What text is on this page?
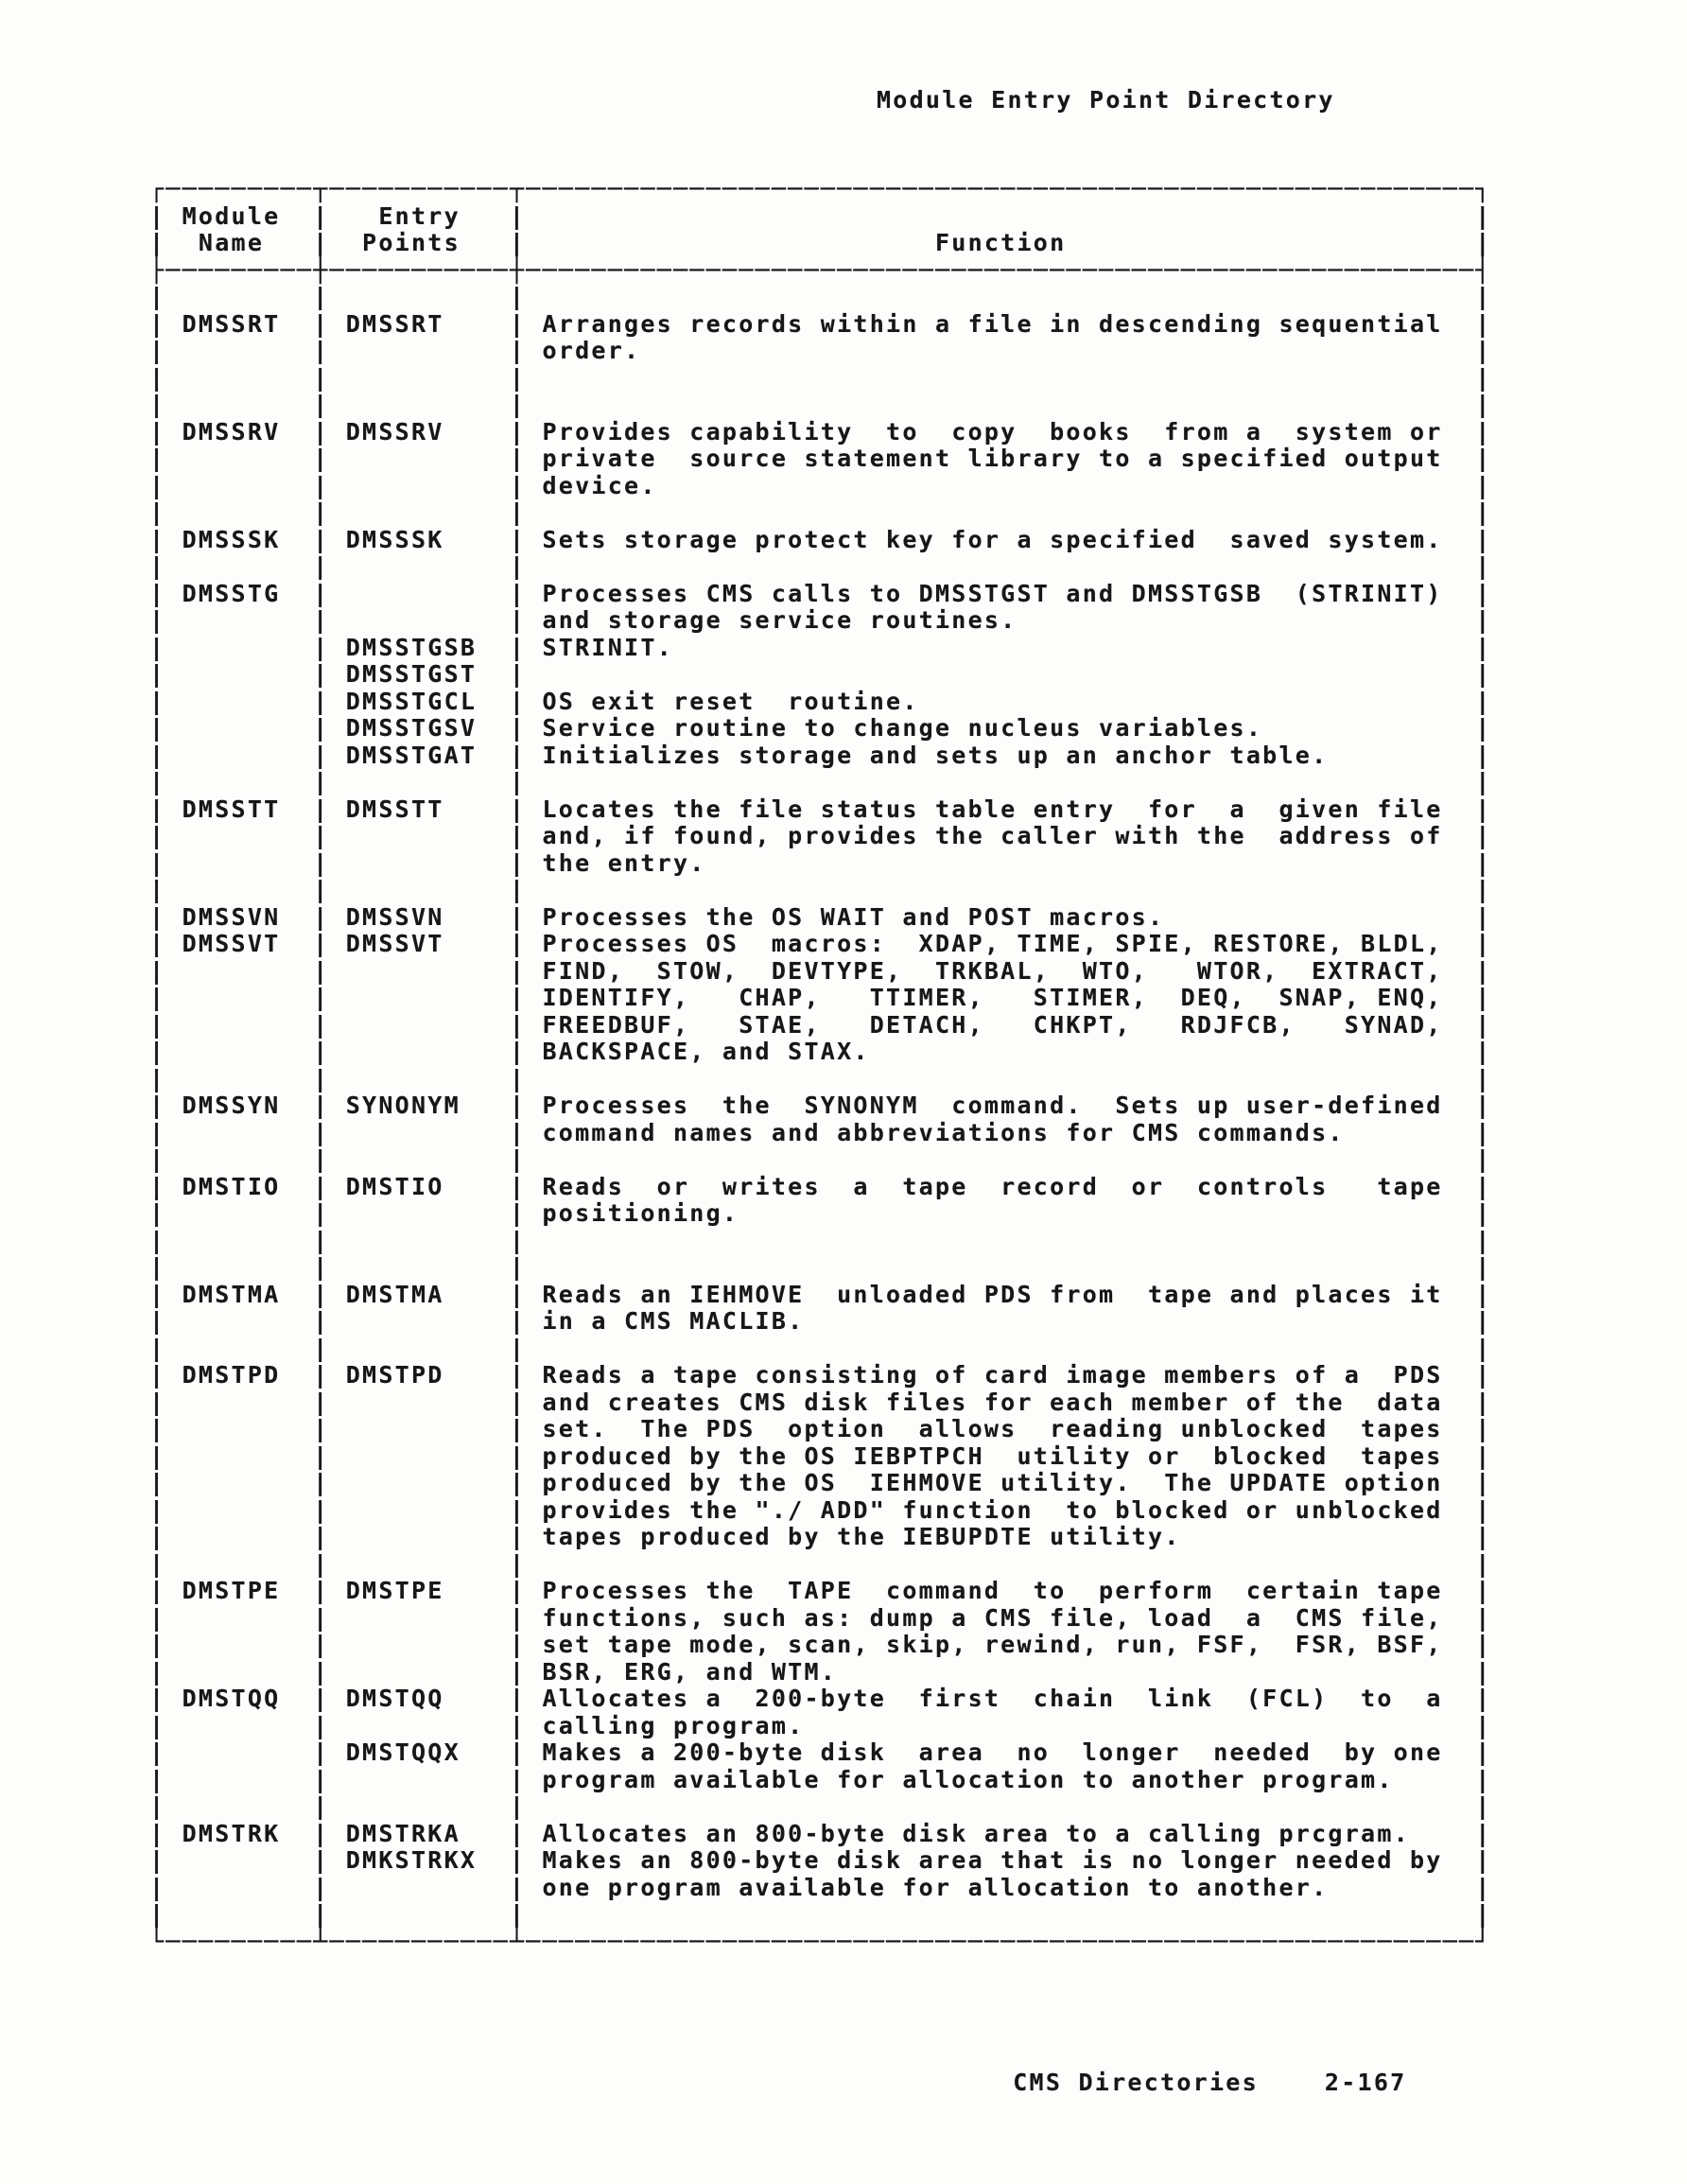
Module Entry Point Directory
┌─────────┬───────────┬──────────────────────────────────────────────────────────┐
| Module  |   Entry   |                                                          |
|  Name   |  Points   |                         Function                         |
├─────────┼───────────┼──────────────────────────────────────────────────────────┤
|         |           |                                                          |
| DMSSRT  | DMSSRT    | Arranges records within a file in descending sequential  |
|         |           | order.                                                   |
|         |           |                                                          |
|         |           |                                                          |
| DMSSRV  | DMSSRV    | Provides capability  to  copy  books  from a  system or  |
|         |           | private  source statement library to a specified output  |
|         |           | device.                                                  |
|         |           |                                                          |
| DMSSSK  | DMSSSK    | Sets storage protect key for a specified  saved system.  |
|         |           |                                                          |
| DMSSTG  |           | Processes CMS calls to DMSSTGST and DMSSTGSB  (STRINIT)  |
|         |           | and storage service routines.                            |
|         | DMSSTGSB  | STRINIT.                                                 |
|         | DMSSTGST  |                                                          |
|         | DMSSTGCL  | OS exit reset  routine.                                  |
|         | DMSSTGSV  | Service routine to change nucleus variables.             |
|         | DMSSTGAT  | Initializes storage and sets up an anchor table.         |
|         |           |                                                          |
| DMSSTT  | DMSSTT    | Locates the file status table entry  for  a  given file  |
|         |           | and, if found, provides the caller with the  address of  |
|         |           | the entry.                                               |
|         |           |                                                          |
| DMSSVN  | DMSSVN    | Processes the OS WAIT and POST macros.                   |
| DMSSVT  | DMSSVT    | Processes OS  macros:  XDAP, TIME, SPIE, RESTORE, BLDL,  |
|         |           | FIND,  STOW,  DEVTYPE,  TRKBAL,  WTO,   WTOR,  EXTRACT,  |
|         |           | IDENTIFY,   CHAP,   TTIMER,   STIMER,  DEQ,  SNAP, ENQ,  |
|         |           | FREEDBUF,   STAE,   DETACH,   CHKPT,   RDJFCB,   SYNAD,  |
|         |           | BACKSPACE, and STAX.                                     |
|         |           |                                                          |
| DMSSYN  | SYNONYM   | Processes  the  SYNONYM  command.  Sets up user-defined  |
|         |           | command names and abbreviations for CMS commands.        |
|         |           |                                                          |
| DMSTIO  | DMSTIO    | Reads  or  writes  a  tape  record  or  controls   tape  |
|         |           | positioning.                                             |
|         |           |                                                          |
|         |           |                                                          |
| DMSTMA  | DMSTMA    | Reads an IEHMOVE  unloaded PDS from  tape and places it  |
|         |           | in a CMS MACLIB.                                         |
|         |           |                                                          |
| DMSTPD  | DMSTPD    | Reads a tape consisting of card image members of a  PDS  |
|         |           | and creates CMS disk files for each member of the  data  |
|         |           | set.  The PDS  option  allows  reading unblocked  tapes  |
|         |           | produced by the OS IEBPTPCH  utility or  blocked  tapes  |
|         |           | produced by the OS  IEHMOVE utility.  The UPDATE option  |
|         |           | provides the "./ ADD" function  to blocked or unblocked  |
|         |           | tapes produced by the IEBUPDTE utility.                  |
|         |           |                                                          |
| DMSTPE  | DMSTPE    | Processes the  TAPE  command  to  perform  certain tape  |
|         |           | functions, such as: dump a CMS file, load  a  CMS file,  |
|         |           | set tape mode, scan, skip, rewind, run, FSF,  FSR, BSF,  |
|         |           | BSR, ERG, and WTM.                                       |
| DMSTQQ  | DMSTQQ    | Allocates a  200-byte  first  chain  link  (FCL)  to  a  |
|         |           | calling program.                                         |
|         | DMSTQQX   | Makes a 200-byte disk  area  no  longer  needed  by one  |
|         |           | program available for allocation to another program.     |
|         |           |                                                          |
| DMSTRK  | DMSTRKA   | Allocates an 800-byte disk area to a calling prcgram.    |
|         | DMKSTRKX  | Makes an 800-byte disk area that is no longer needed by  |
|         |           | one program available for allocation to another.         |
|         |           |                                                          |
└─────────┴───────────┴──────────────────────────────────────────────────────────┘

CMS Directories	2-167
